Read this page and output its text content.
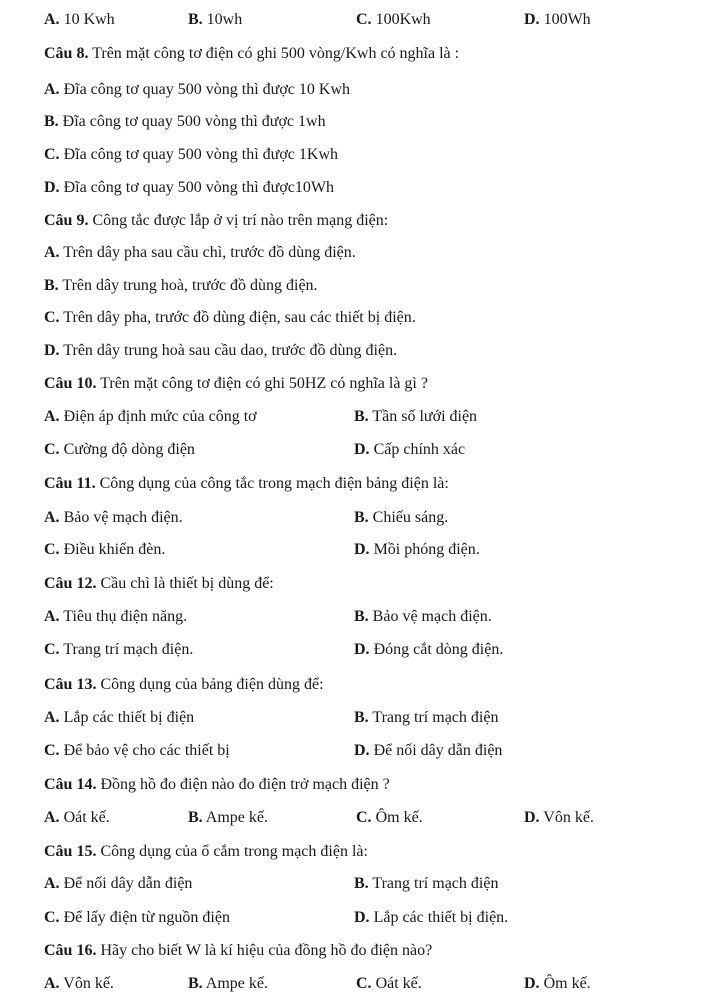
A. 10 Kwh	B. 10wh	C. 100Kwh	D. 100Wh
Câu 8. Trên mặt công tơ điện có ghi 500 vòng/Kwh có nghĩa là :
A. Đĩa công tơ quay 500 vòng thì được 10 Kwh
B. Đĩa công tơ quay 500 vòng thì được 1wh
C. Đĩa công tơ quay 500 vòng thì được 1Kwh
D. Đĩa công tơ quay 500 vòng thì được10Wh
Câu 9. Công tắc được lắp ở vị trí nào trên mạng điện:
A. Trên dây pha sau cầu chì, trước đồ dùng điện.
B. Trên dây trung hoà, trước đồ dùng điện.
C. Trên dây pha, trước đồ dùng điện, sau các thiết bị điện.
D. Trên dây trung hoà sau cầu dao, trước đồ dùng điện.
Câu 10. Trên mặt công tơ điện có ghi 50HZ có nghĩa là gì ?
A. Điện áp định mức của công tơ	B. Tần số lưới điện
C. Cường độ dòng điện	D. Cấp chính xác
Câu 11. Công dụng của công tắc trong mạch điện bảng điện là:
A. Bảo vệ mạch điện.	B. Chiếu sáng.
C. Điều khiển đèn.	D. Mồi phóng điện.
Câu 12. Cầu chì là thiết bị dùng để:
A. Tiêu thụ điện năng.	B. Bảo vệ mạch điện.
C. Trang trí mạch điện.	D. Đóng cắt dòng điện.
Câu 13. Công dụng của bảng điện dùng để:
A. Lắp các thiết bị điện	B. Trang trí mạch điện
C. Để bảo vệ cho các thiết bị	D. Để nối dây dẫn điện
Câu 14. Đồng hồ đo điện nào đo điện trở mạch điện ?
A. Oát kế.	B. Ampe kế.	C. Ôm kế.	D. Vôn kế.
Câu 15. Công dụng của ổ cắm trong mạch điện là:
A. Để nối dây dẫn điện	B. Trang trí mạch điện
C. Để lấy điện từ nguồn điện	D. Lắp các thiết bị điện.
Câu 16. Hãy cho biết W là kí hiệu của đồng hồ đo điện nào?
A. Vôn kế.	B. Ampe kế.	C. Oát kế.	D. Ôm kế.
